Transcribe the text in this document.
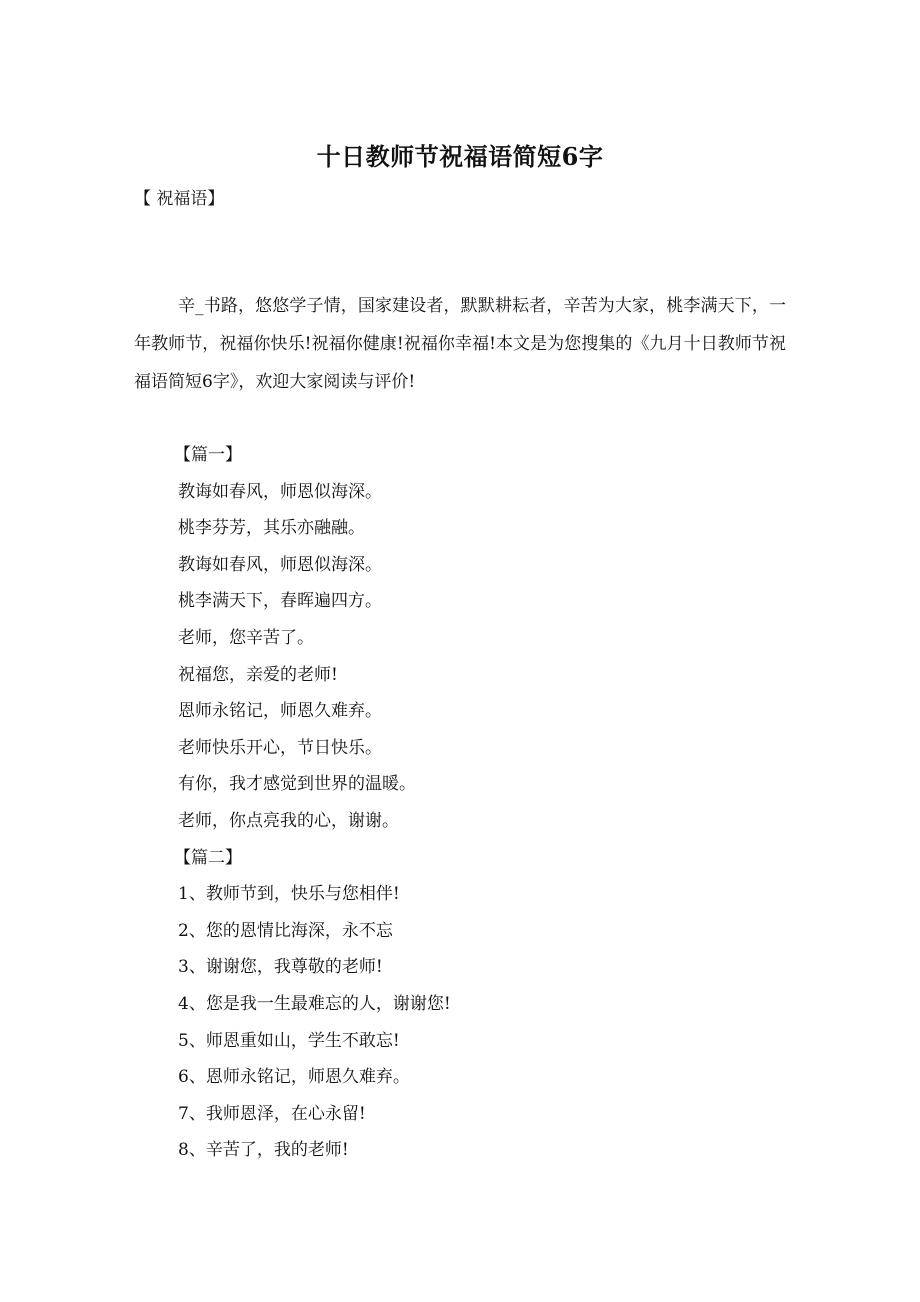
十日教师节祝福语简短6字
【 祝福语】

辛_书路，悠悠学子情，国家建设者，默默耕耘者，辛苦为大家，桃李满天下，一年教师节，祝福你快乐!祝福你健康!祝福你幸福!本文是为您搜集的《九月十日教师节祝福语简短6字》，欢迎大家阅读与评价!

【篇一】
教诲如春风，师恩似海深。
桃李芬芳，其乐亦融融。
教诲如春风，师恩似海深。
桃李满天下，春晖遍四方。
老师，您辛苦了。
祝福您，亲爱的老师!
恩师永铭记，师恩久难弃。
老师快乐开心，节日快乐。
有你，我才感觉到世界的温暖。
老师，你点亮我的心，谢谢。
【篇二】
1、教师节到，快乐与您相伴!
2、您的恩情比海深，永不忘
3、谢谢您，我尊敬的老师!
4、您是我一生最难忘的人，谢谢您!
5、师恩重如山，学生不敢忘!
6、恩师永铭记，师恩久难弃。
7、我师恩泽，在心永留!
8、辛苦了，我的老师!
